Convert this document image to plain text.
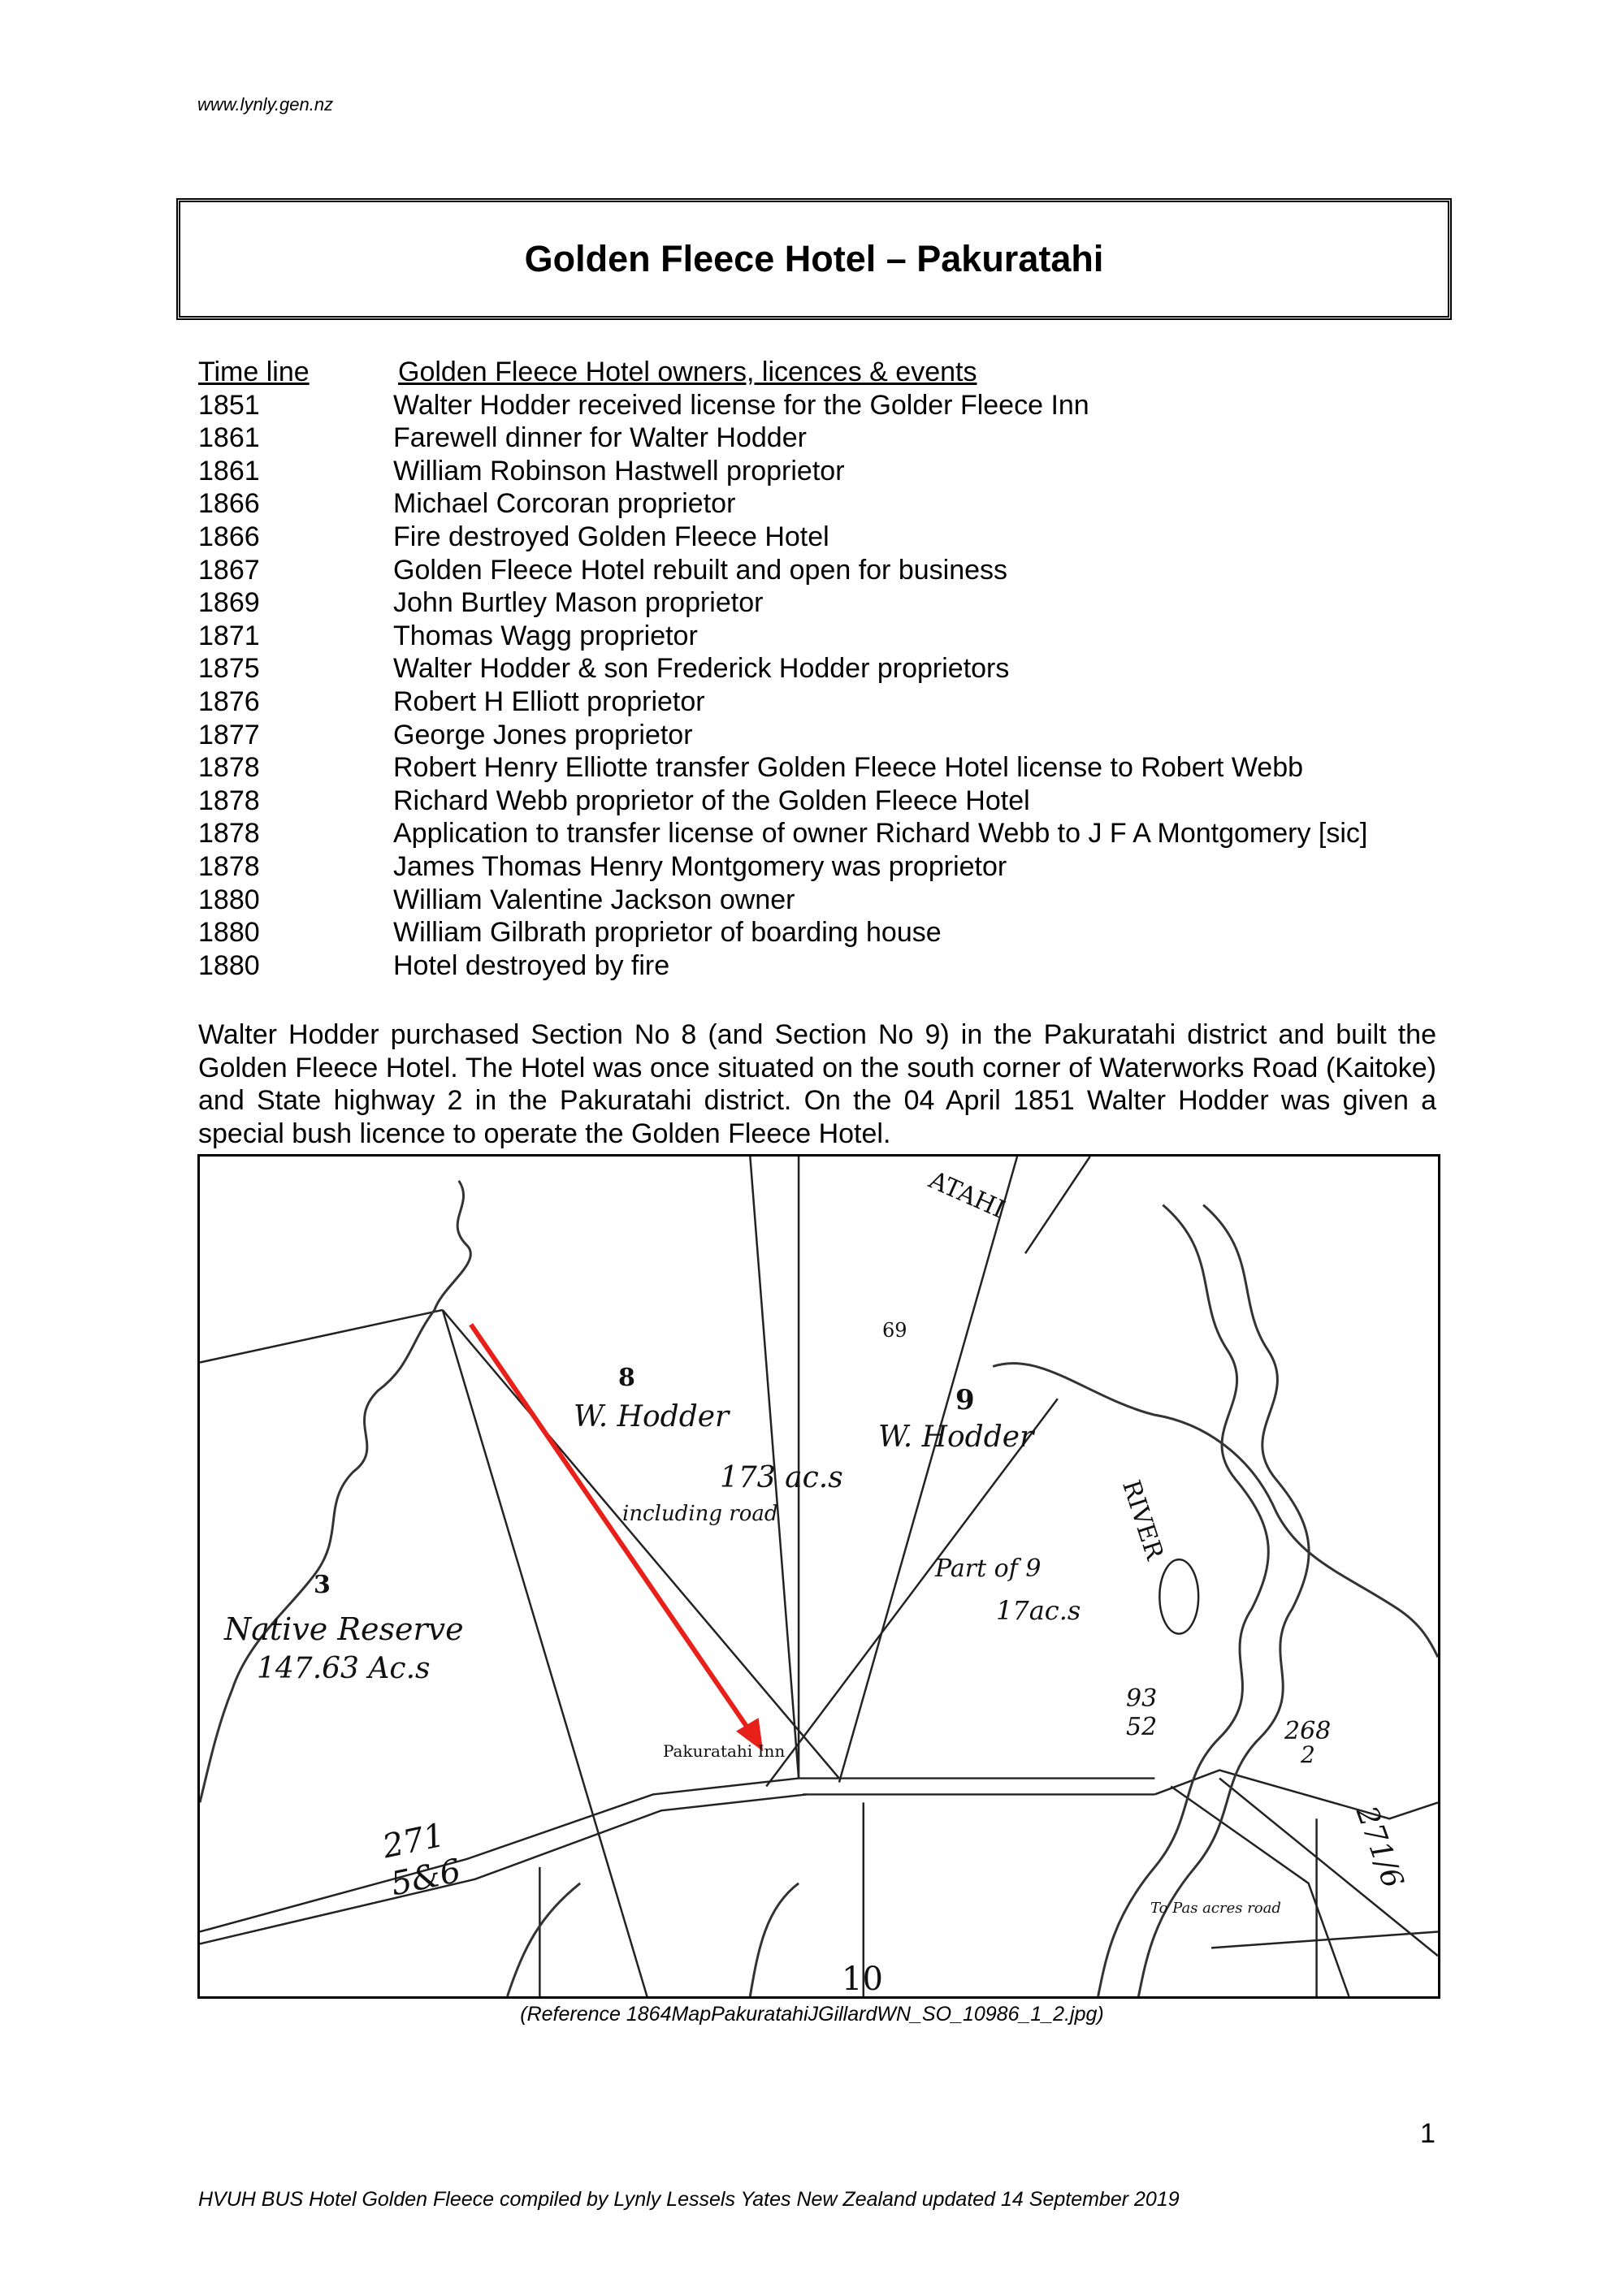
www.lynly.gen.nz
Golden Fleece Hotel – Pakuratahi
Time line	Golden Fleece Hotel owners, licences & events
1851	Walter Hodder received license for the Golder Fleece Inn
1861	Farewell dinner for Walter Hodder
1861	William Robinson Hastwell proprietor
1866	Michael Corcoran proprietor
1866	Fire destroyed Golden Fleece Hotel
1867	Golden Fleece Hotel rebuilt and open for business
1869	John Burtley Mason proprietor
1871	Thomas Wagg proprietor
1875	Walter Hodder & son Frederick Hodder proprietors
1876	Robert H Elliott proprietor
1877	George Jones proprietor
1878	Robert Henry Elliotte transfer Golden Fleece Hotel license to Robert Webb
1878	Richard Webb proprietor of the Golden Fleece Hotel
1878	Application to transfer license of owner Richard Webb to J F A Montgomery [sic]
1878	James Thomas Henry Montgomery was proprietor
1880	William Valentine Jackson owner
1880	William Gilbrath proprietor of boarding house
1880	Hotel destroyed by fire

Walter Hodder purchased Section No 8 (and Section No 9) in the Pakuratahi district and built the Golden Fleece Hotel. The Hotel was once situated on the south corner of Waterworks Road (Kaitoke) and State highway 2 in the Pakuratahi district. On the 04 April 1851 Walter Hodder was given a special bush licence to operate the Golden Fleece Hotel.

8
W. Hodder
173 ac.s
including road
9
W. Hodder
Part of 9
17ac.s
3
Native Reserve
147.63 Ac.s
RIVER
ATAHI
Pakuratahi Inn
271
5&6
10
93
52	268
2
271/6
69
To Pas acres road
(Reference 1864MapPakuratahiJGillardWN_SO_10986_1_2.jpg)
1
HVUH BUS Hotel Golden Fleece compiled by Lynly Lessels Yates New Zealand updated 14 September 2019
